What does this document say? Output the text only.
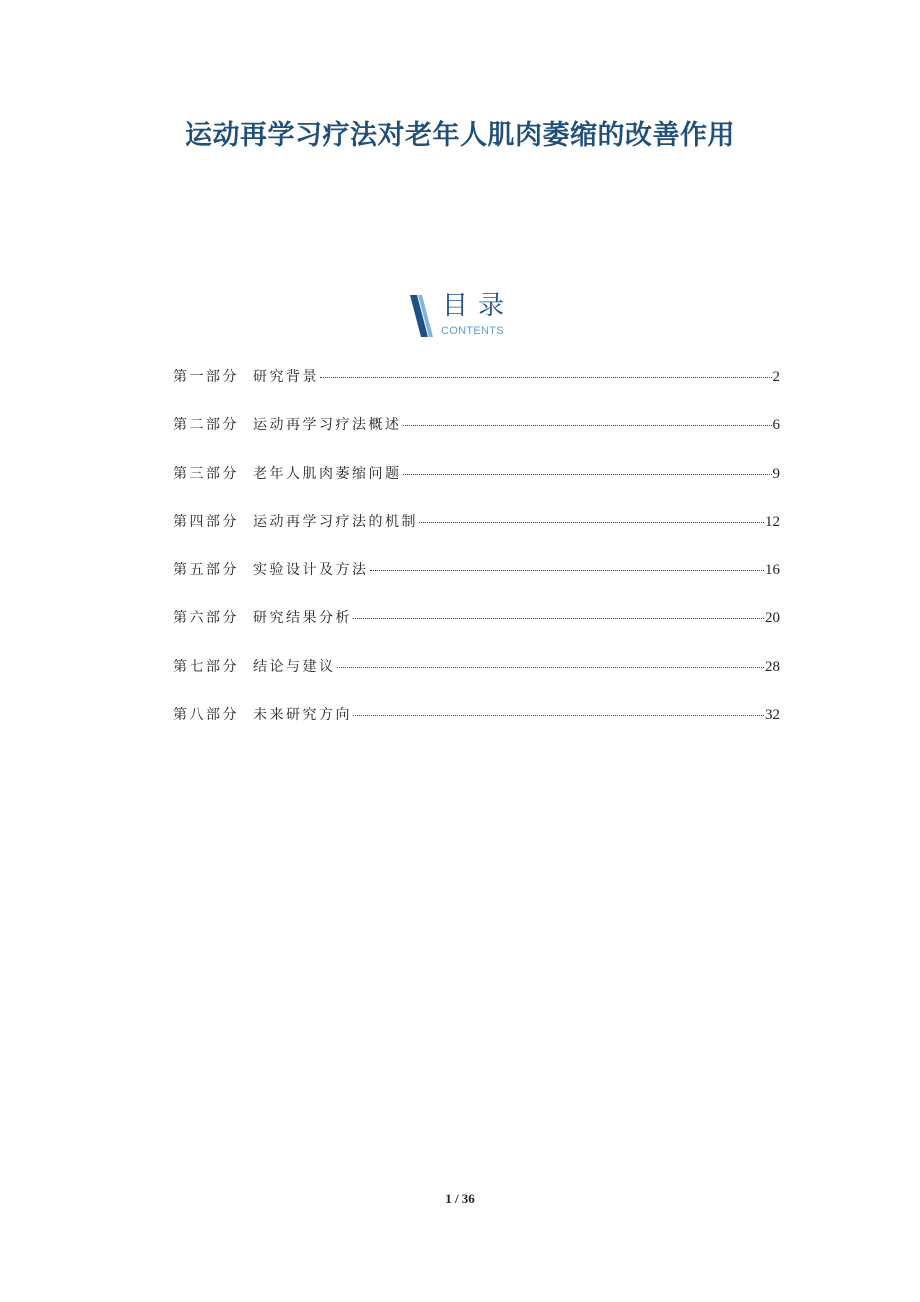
运动再学习疗法对老年人肌肉萎缩的改善作用
目录
CONTENTS
第一部分	研究背景	2
第二部分	运动再学习疗法概述	6
第三部分	老年人肌肉萎缩问题	9
第四部分	运动再学习疗法的机制	12
第五部分	实验设计及方法	16
第六部分	研究结果分析	20
第七部分	结论与建议	28
第八部分	未来研究方向	32
1 / 36
